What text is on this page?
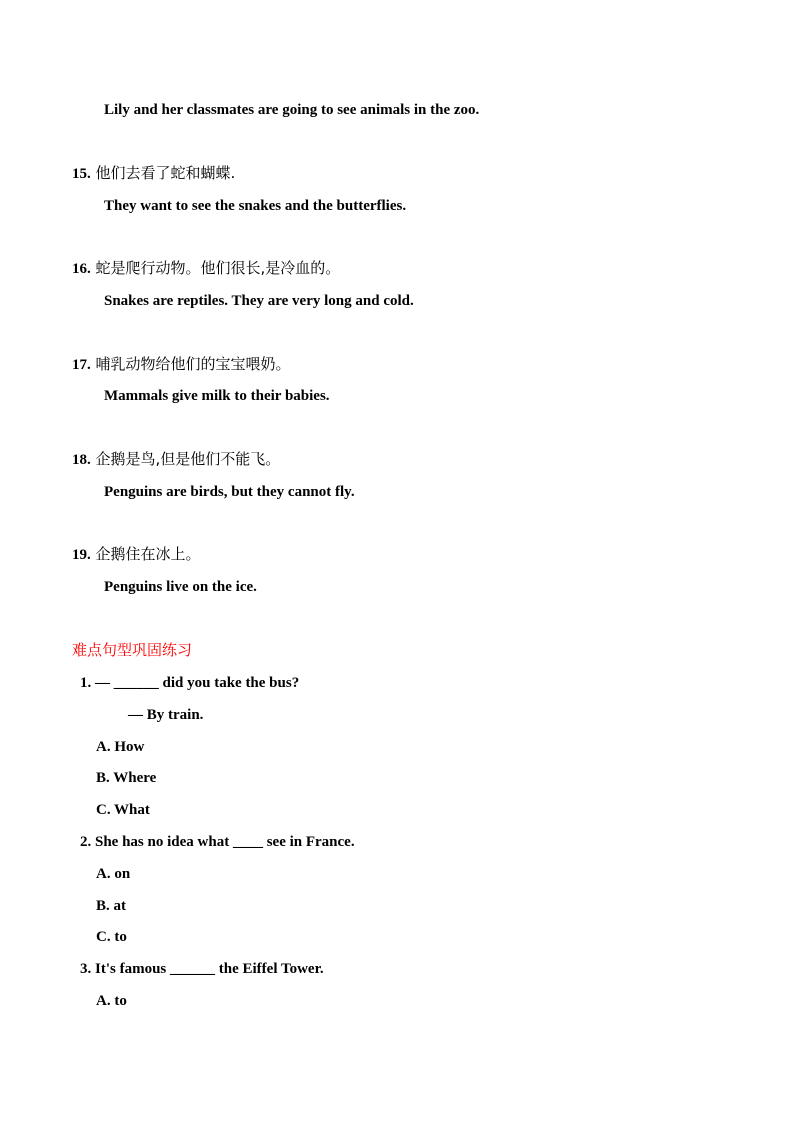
Lily and her classmates are going to see animals in the zoo.
15. 他们去看了蛇和蝴蝶.
They want to see the snakes and the butterflies.
16. 蛇是爬行动物。他们很长,是冷血的。
Snakes are reptiles. They are very long and cold.
17. 哺乳动物给他们的宝宝喂奶。
Mammals give milk to their babies.
18. 企鹅是鸟,但是他们不能飞。
Penguins are birds, but they cannot fly.
19. 企鹅住在冰上。
Penguins live on the ice.
难点句型巩固练习
1. — ______ did you take the bus?
— By train.
A. How
B. Where
C. What
2. She has no idea what ____ see in France.
A. on
B. at
C. to
3. It's famous ______ the Eiffel Tower.
A. to
